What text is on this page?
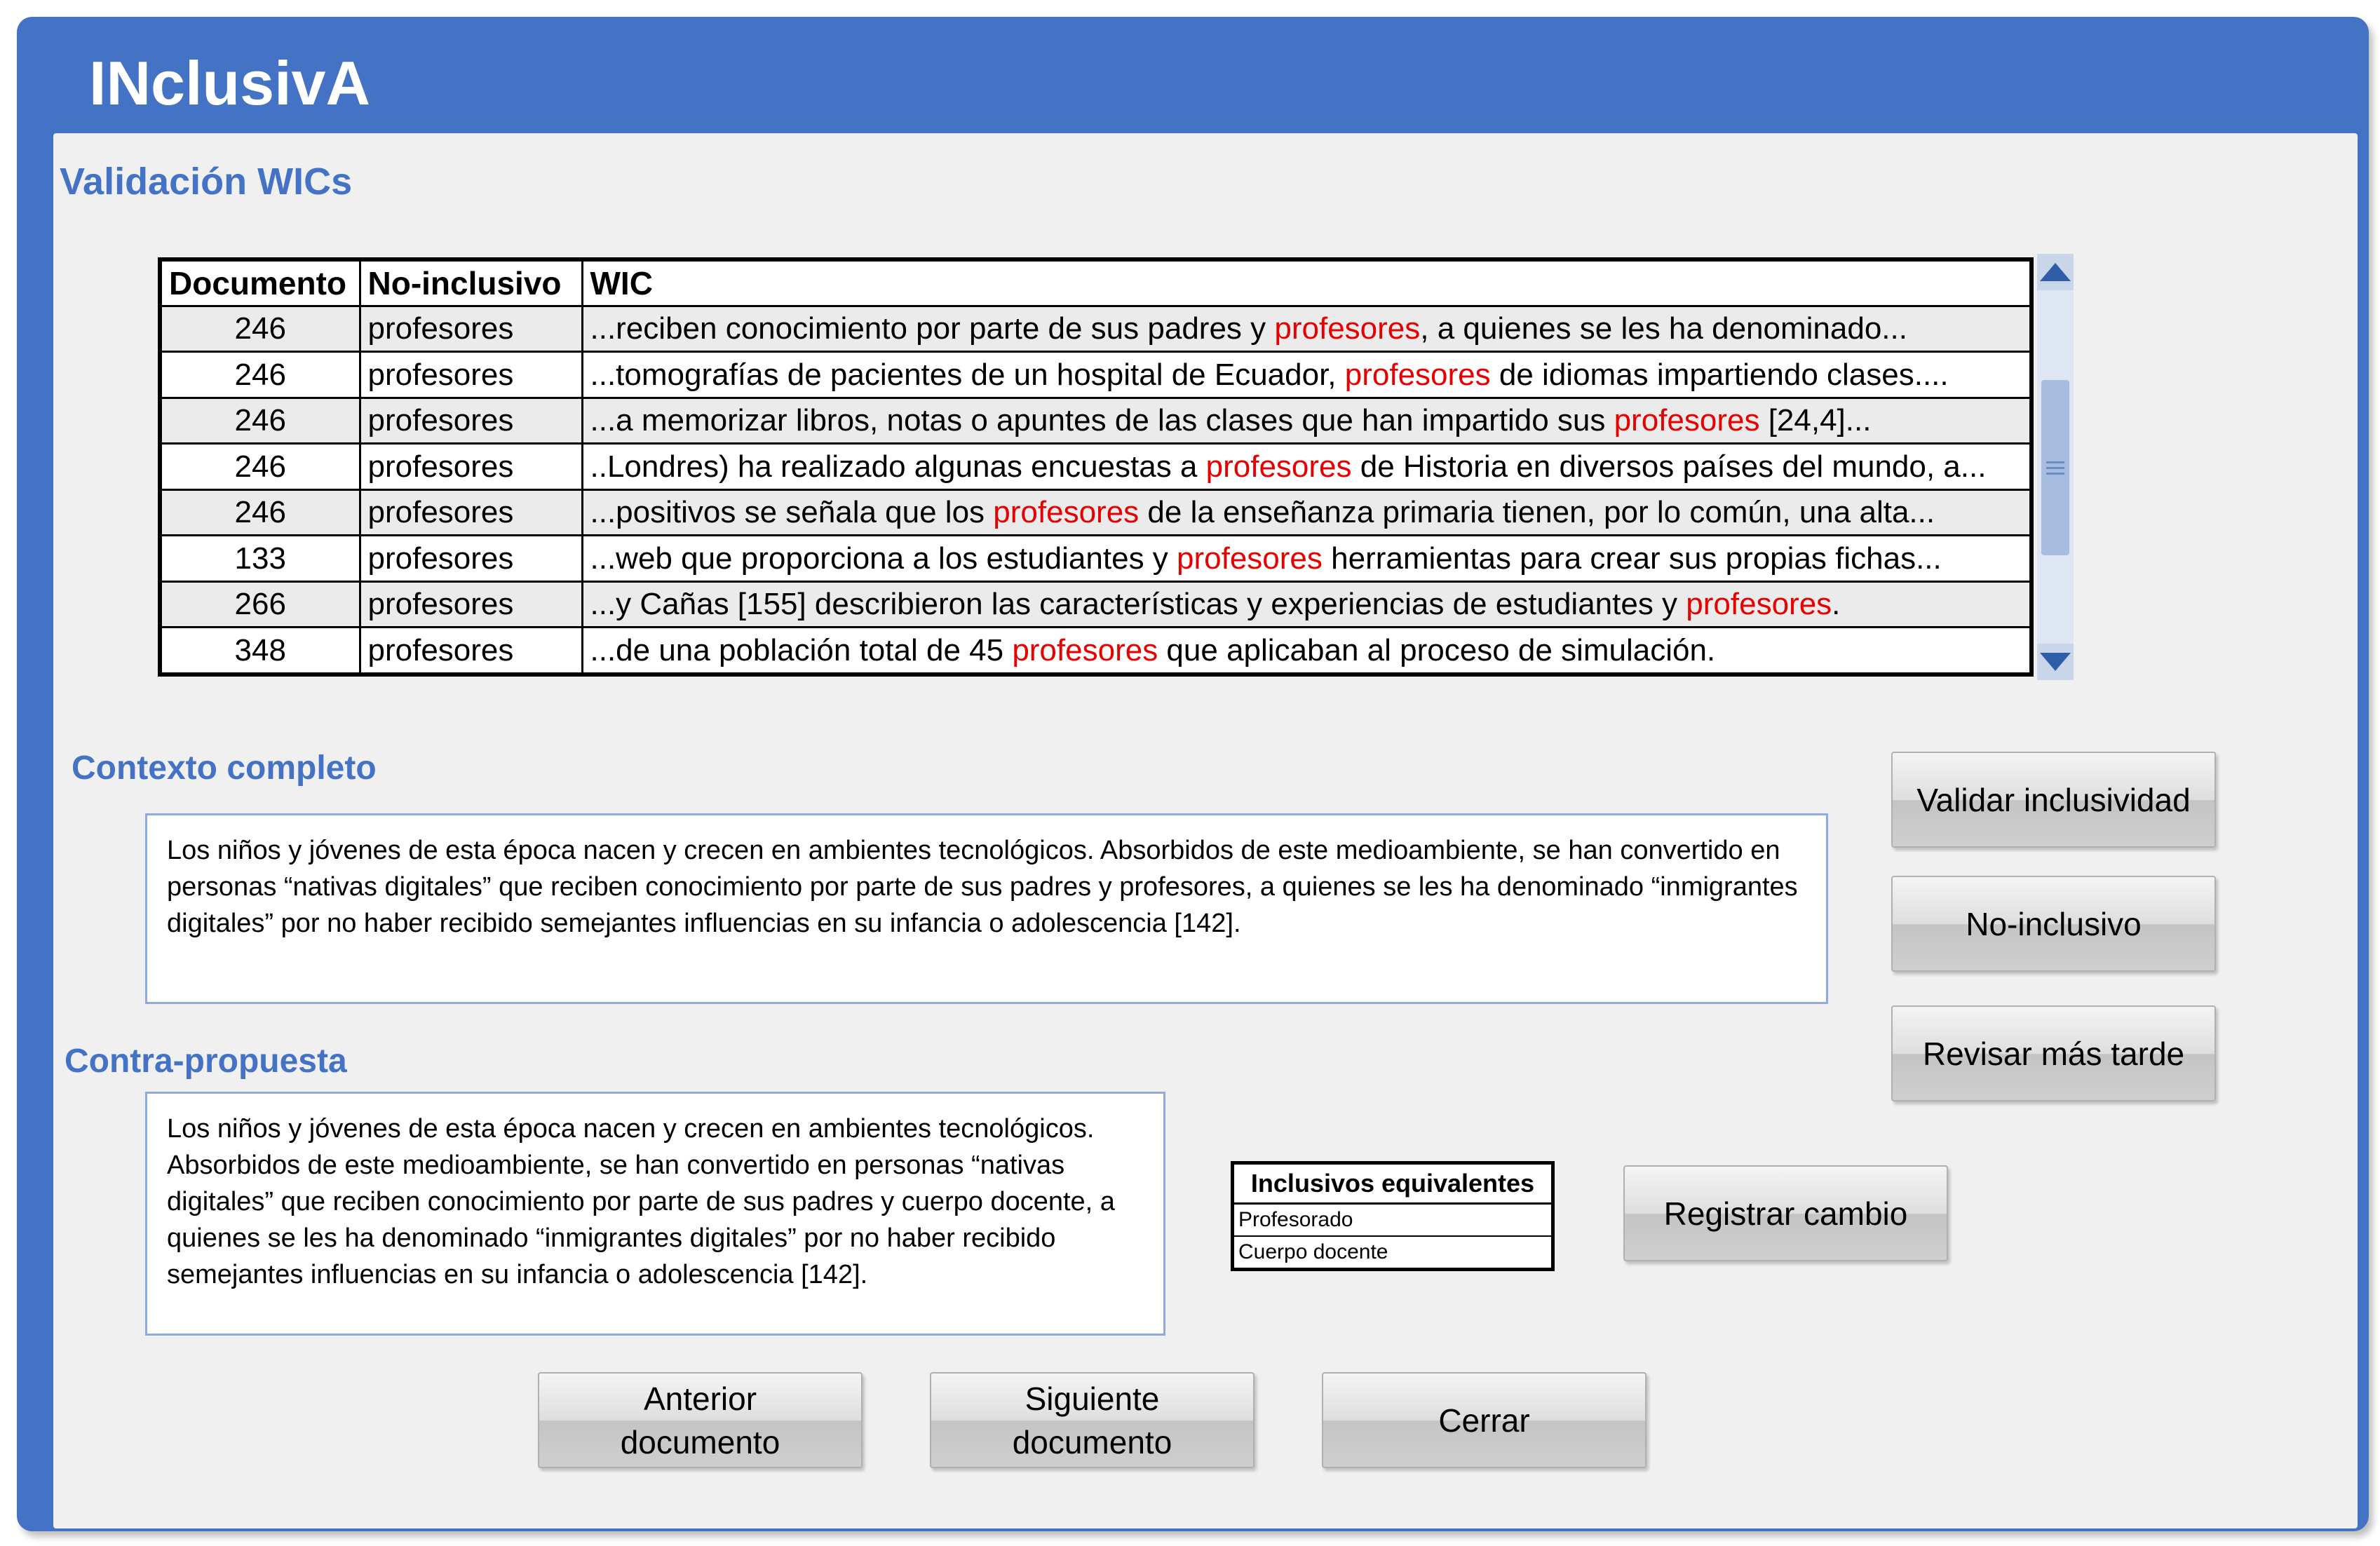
INclusivA
Validación WICs
Documento	No-inclusivo	WIC
246	profesores	...reciben conocimiento por parte de sus padres y profesores, a quienes se les ha denominado...
246	profesores	...tomografías de pacientes de un hospital de Ecuador, profesores de idiomas impartiendo clases....
246	profesores	...a memorizar libros, notas o apuntes de las clases que han impartido sus profesores [24,4]...
246	profesores	..Londres) ha realizado algunas encuestas a profesores de Historia en diversos países del mundo, a...
246	profesores	...positivos se señala que los profesores de la enseñanza primaria tienen, por lo común, una alta...
133	profesores	...web que proporciona a los estudiantes y profesores herramientas para crear sus propias fichas...
266	profesores	...y Cañas [155] describieron las características y experiencias de estudiantes y profesores.
348	profesores	...de una población total de 45 profesores que aplicaban al proceso de simulación.
Contexto completo

Los niños y jóvenes de esta época nacen y crecen en ambientes tecnológicos. Absorbidos de este medioambiente, se han convertido en personas “nativas digitales” que reciben conocimiento por parte de sus padres y profesores, a quienes se les ha denominado “inmigrantes digitales” por no haber recibido semejantes influencias en su infancia o adolescencia [142].

Contra-propuesta

Los niños y jóvenes de esta época nacen y crecen en ambientes tecnológicos. Absorbidos de este medioambiente, se han convertido en personas “nativas digitales” que reciben conocimiento por parte de sus padres y cuerpo docente, a quienes se les ha denominado “inmigrantes digitales” por no haber recibido semejantes influencias en su infancia o adolescencia [142].

Inclusivos equivalentes
Profesorado
Cuerpo docente
Validar inclusividad
No-inclusivo
Revisar más tarde
Registrar cambio
Anterior
documento
Siguiente
documento
Cerrar
